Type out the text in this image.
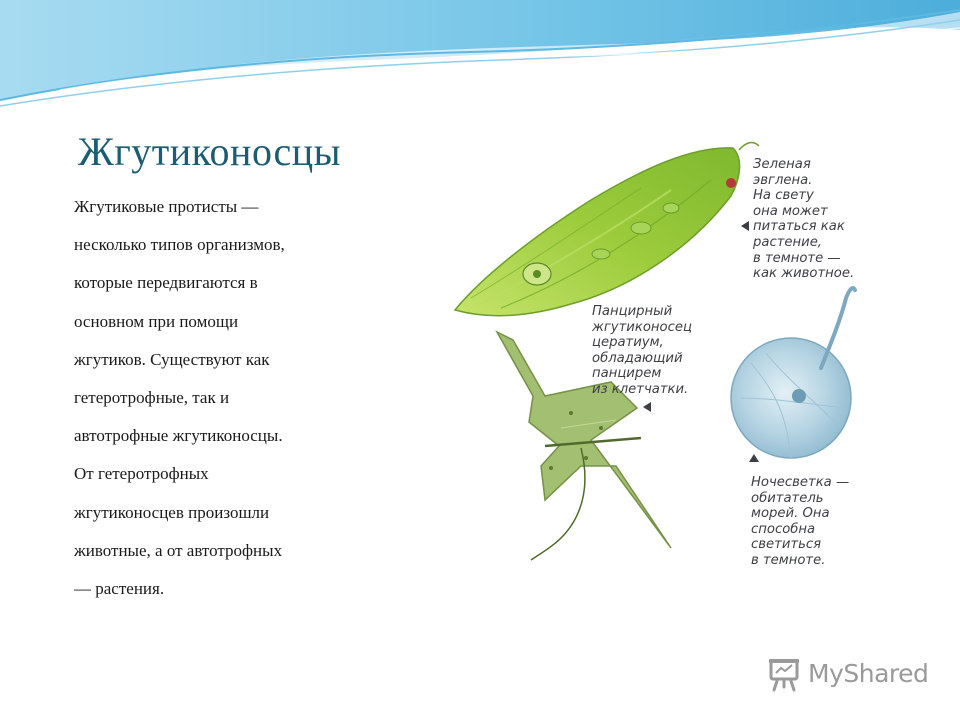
Жгутиконосцы
Жгутиковые протисты —
несколько типов организмов,
которые передвигаются в
основном при помощи
жгутиков. Существуют как
гетеротрофные, так и
автотрофные жгутиконосцы.
От гетеротрофных
жгутиконосцев произошли
животные, а от автотрофных
— растения.
Зеленая
эвглена.
На свету
она может
питаться как
растение,
в темноте —
как животное.
Панцирный
жгутиконосец
цератиум,
обладающий
панцирем
из клетчатки.
Ночесветка —
обитатель
морей. Она
способна
светиться
в темноте.
MyShared
